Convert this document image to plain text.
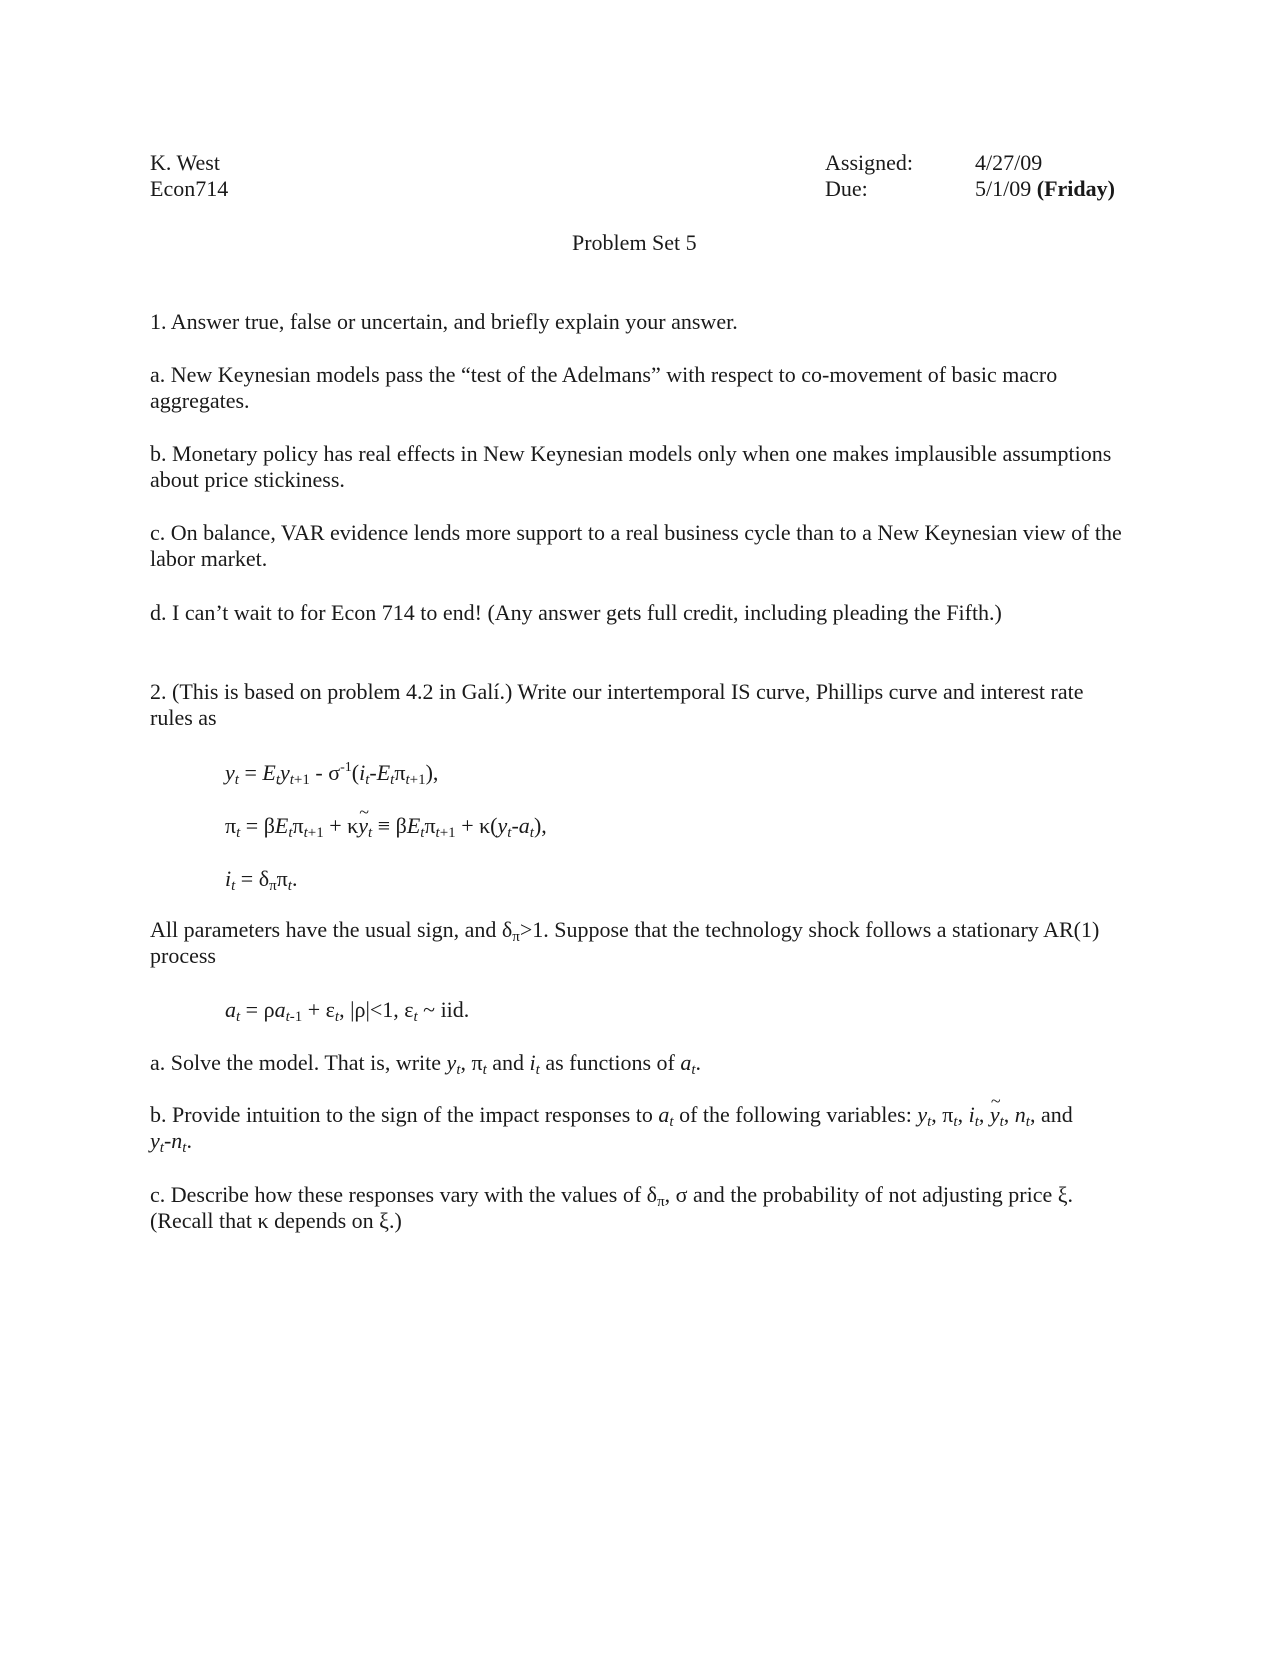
K. West
Econ714
Assigned:
Due:
4/27/09
5/1/09 (Friday)
Problem Set 5
1. Answer true, false or uncertain, and briefly explain your answer.
a. New Keynesian models pass the “test of the Adelmans” with respect to co-movement of basic macro aggregates.
b. Monetary policy has real effects in New Keynesian models only when one makes implausible assumptions about price stickiness.
c. On balance, VAR evidence lends more support to a real business cycle than to a New Keynesian view of the labor market.
d. I can’t wait to for Econ 714 to end! (Any answer gets full credit, including pleading the Fifth.)
2. (This is based on problem 4.2 in Galí.) Write our intertemporal IS curve, Phillips curve and interest rate rules as
$y_t = E_ty_{t+1} - \sigma^{-1}(i_t-E_t\pi_{t+1})$,
$\pi_t = \beta E_t\pi_{t+1}$ + κ~ $y_t \equiv \beta E_t\pi_{t+1} + \kappa(y_t-a_t)$,
$i_t = \delta_\pi\pi_t$.
All parameters have the usual sign, and $\delta_\pi>1$. Suppose that the technology shock follows a stationary AR(1) process
$a_t = \rho a_{t-1} + \varepsilon_t$, |ρ|<1, $\varepsilon_t$ ~ iid.
a. Solve the model. That is, write $y_t$, $\pi_t$ and $i_t$ as functions of $a_t$.
b. Provide intuition to the sign of the impact responses to $a_t$ of the following variables: $y_t$, $\pi_t$, $i_t$, ~ $y_t$, $n_t$, and
$y_t-n_t$.
c. Describe how these responses vary with the values of $\delta_\pi$, σ and the probability of not adjusting price ξ.
(Recall that κ depends on ξ.)
